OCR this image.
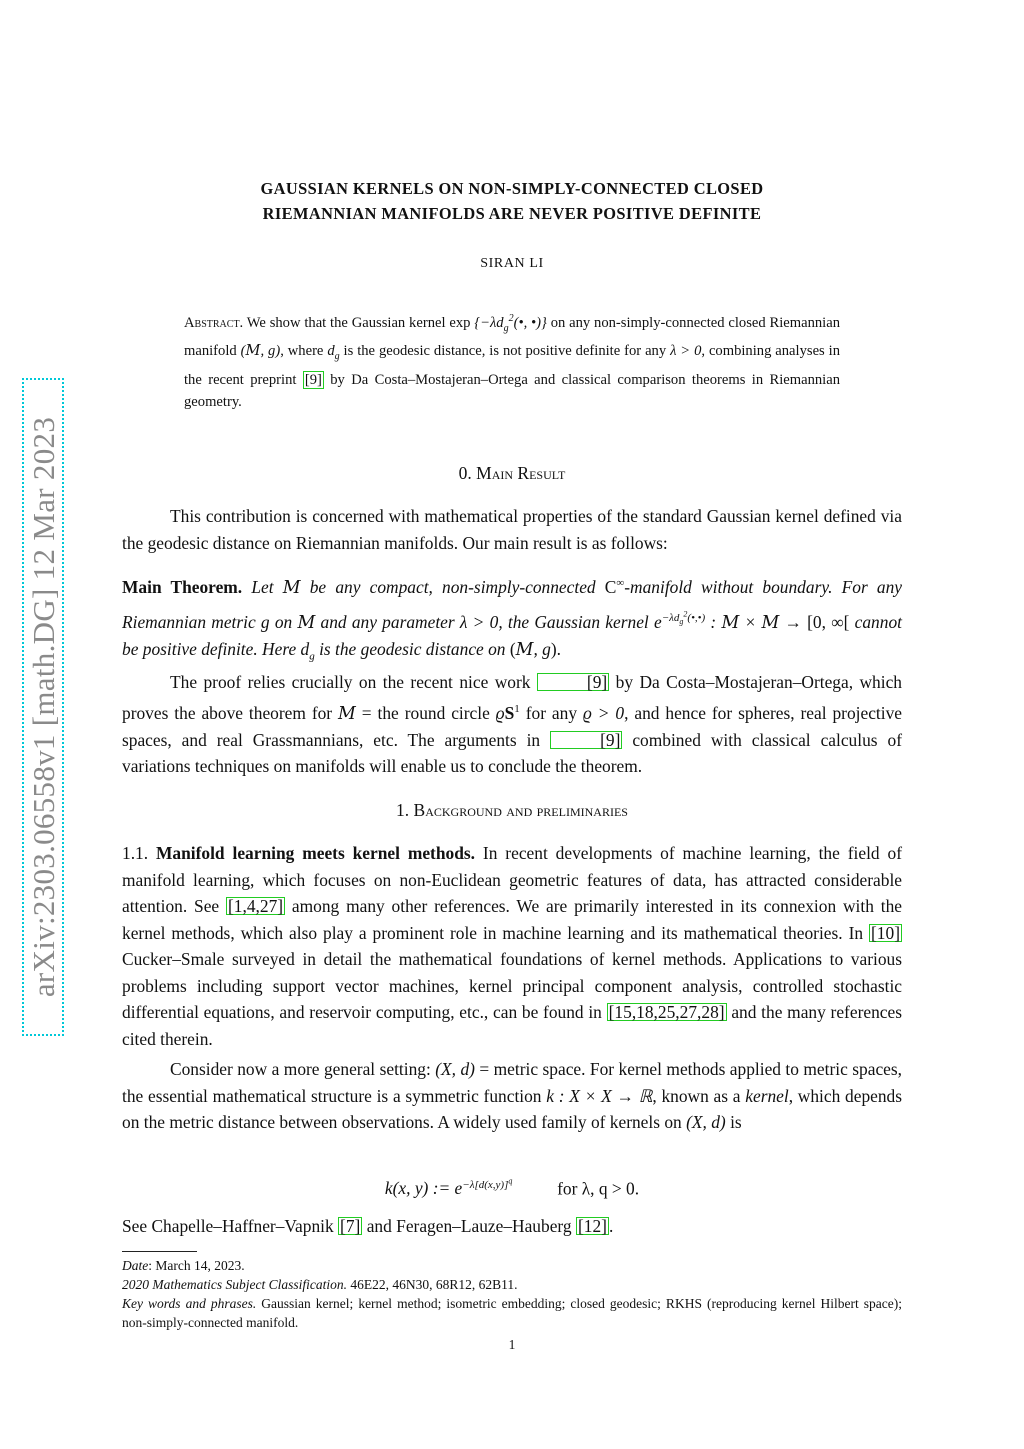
arXiv:2303.06558v1 [math.DG] 12 Mar 2023
GAUSSIAN KERNELS ON NON-SIMPLY-CONNECTED CLOSED
RIEMANNIAN MANIFOLDS ARE NEVER POSITIVE DEFINITE
SIRAN LI
Abstract. We show that the Gaussian kernel $\exp \{-\lambda d_g^2(•$, •)} on any non-simply-connected closed Riemannian manifold (M, g), where $d_g$ is the geodesic distance, is not positive definite for any λ > 0, combining analyses in the recent preprint [9] by Da Costa–Mostajeran–Ortega and classical comparison theorems in Riemannian geometry.
0. Main Result
This contribution is concerned with mathematical properties of the standard Gaussian kernel defined via the geodesic distance on Riemannian manifolds. Our main result is as follows:
Main Theorem. Let M be any compact, non-simply-connected C∞-manifold without boundary. For any Riemannian metric g on M and any parameter λ > 0, the Gaussian kernel $e^{-\lambda d_g^2(•,•)}$ : M × M → [0, ∞[ cannot be positive definite. Here $d_g$ is the geodesic distance on (M, g).
The proof relies crucially on the recent nice work	[9] by Da Costa–Mostajeran–Ortega, which proves the above theorem for M = the round circle $ϱS^1$ for any ϱ > 0, and hence for spheres, real projective spaces, and real Grassmannians, etc. The arguments in	[9] combined with classical calculus of variations techniques on manifolds will enable us to conclude the theorem.
1. Background and preliminaries
1.1. Manifold learning meets kernel methods. In recent developments of machine learning, the field of manifold learning, which focuses on non-Euclidean geometric features of data, has attracted considerable attention. See [1,4,27] among many other references. We are primarily interested in its connexion with the kernel methods, which also play a prominent role in machine learning and its mathematical theories. In [10] Cucker–Smale surveyed in detail the mathematical foundations of kernel methods. Applications to various problems including support vector machines, kernel principal component analysis, controlled stochastic differential equations, and reservoir computing, etc., can be found in [15,18,25,27,28] and the many references cited therein.
Consider now a more general setting: (X, d) = metric space. For kernel methods applied to metric spaces, the essential mathematical structure is a symmetric function k : X × X → ℝ, known as a kernel, which depends on the metric distance between observations. A widely used family of kernels on (X, d) is
k(x, y) := $e^{-\lambda[d(x,y)]^q}$	for λ, q > 0.
See Chapelle–Haffner–Vapnik [7] and Feragen–Lauze–Hauberg [12] .
Date: March 14, 2023.
2020 Mathematics Subject Classification. 46E22, 46N30, 68R12, 62B11.
Key words and phrases. Gaussian kernel; kernel method; isometric embedding; closed geodesic; RKHS (reproducing kernel Hilbert space); non-simply-connected manifold.
1
